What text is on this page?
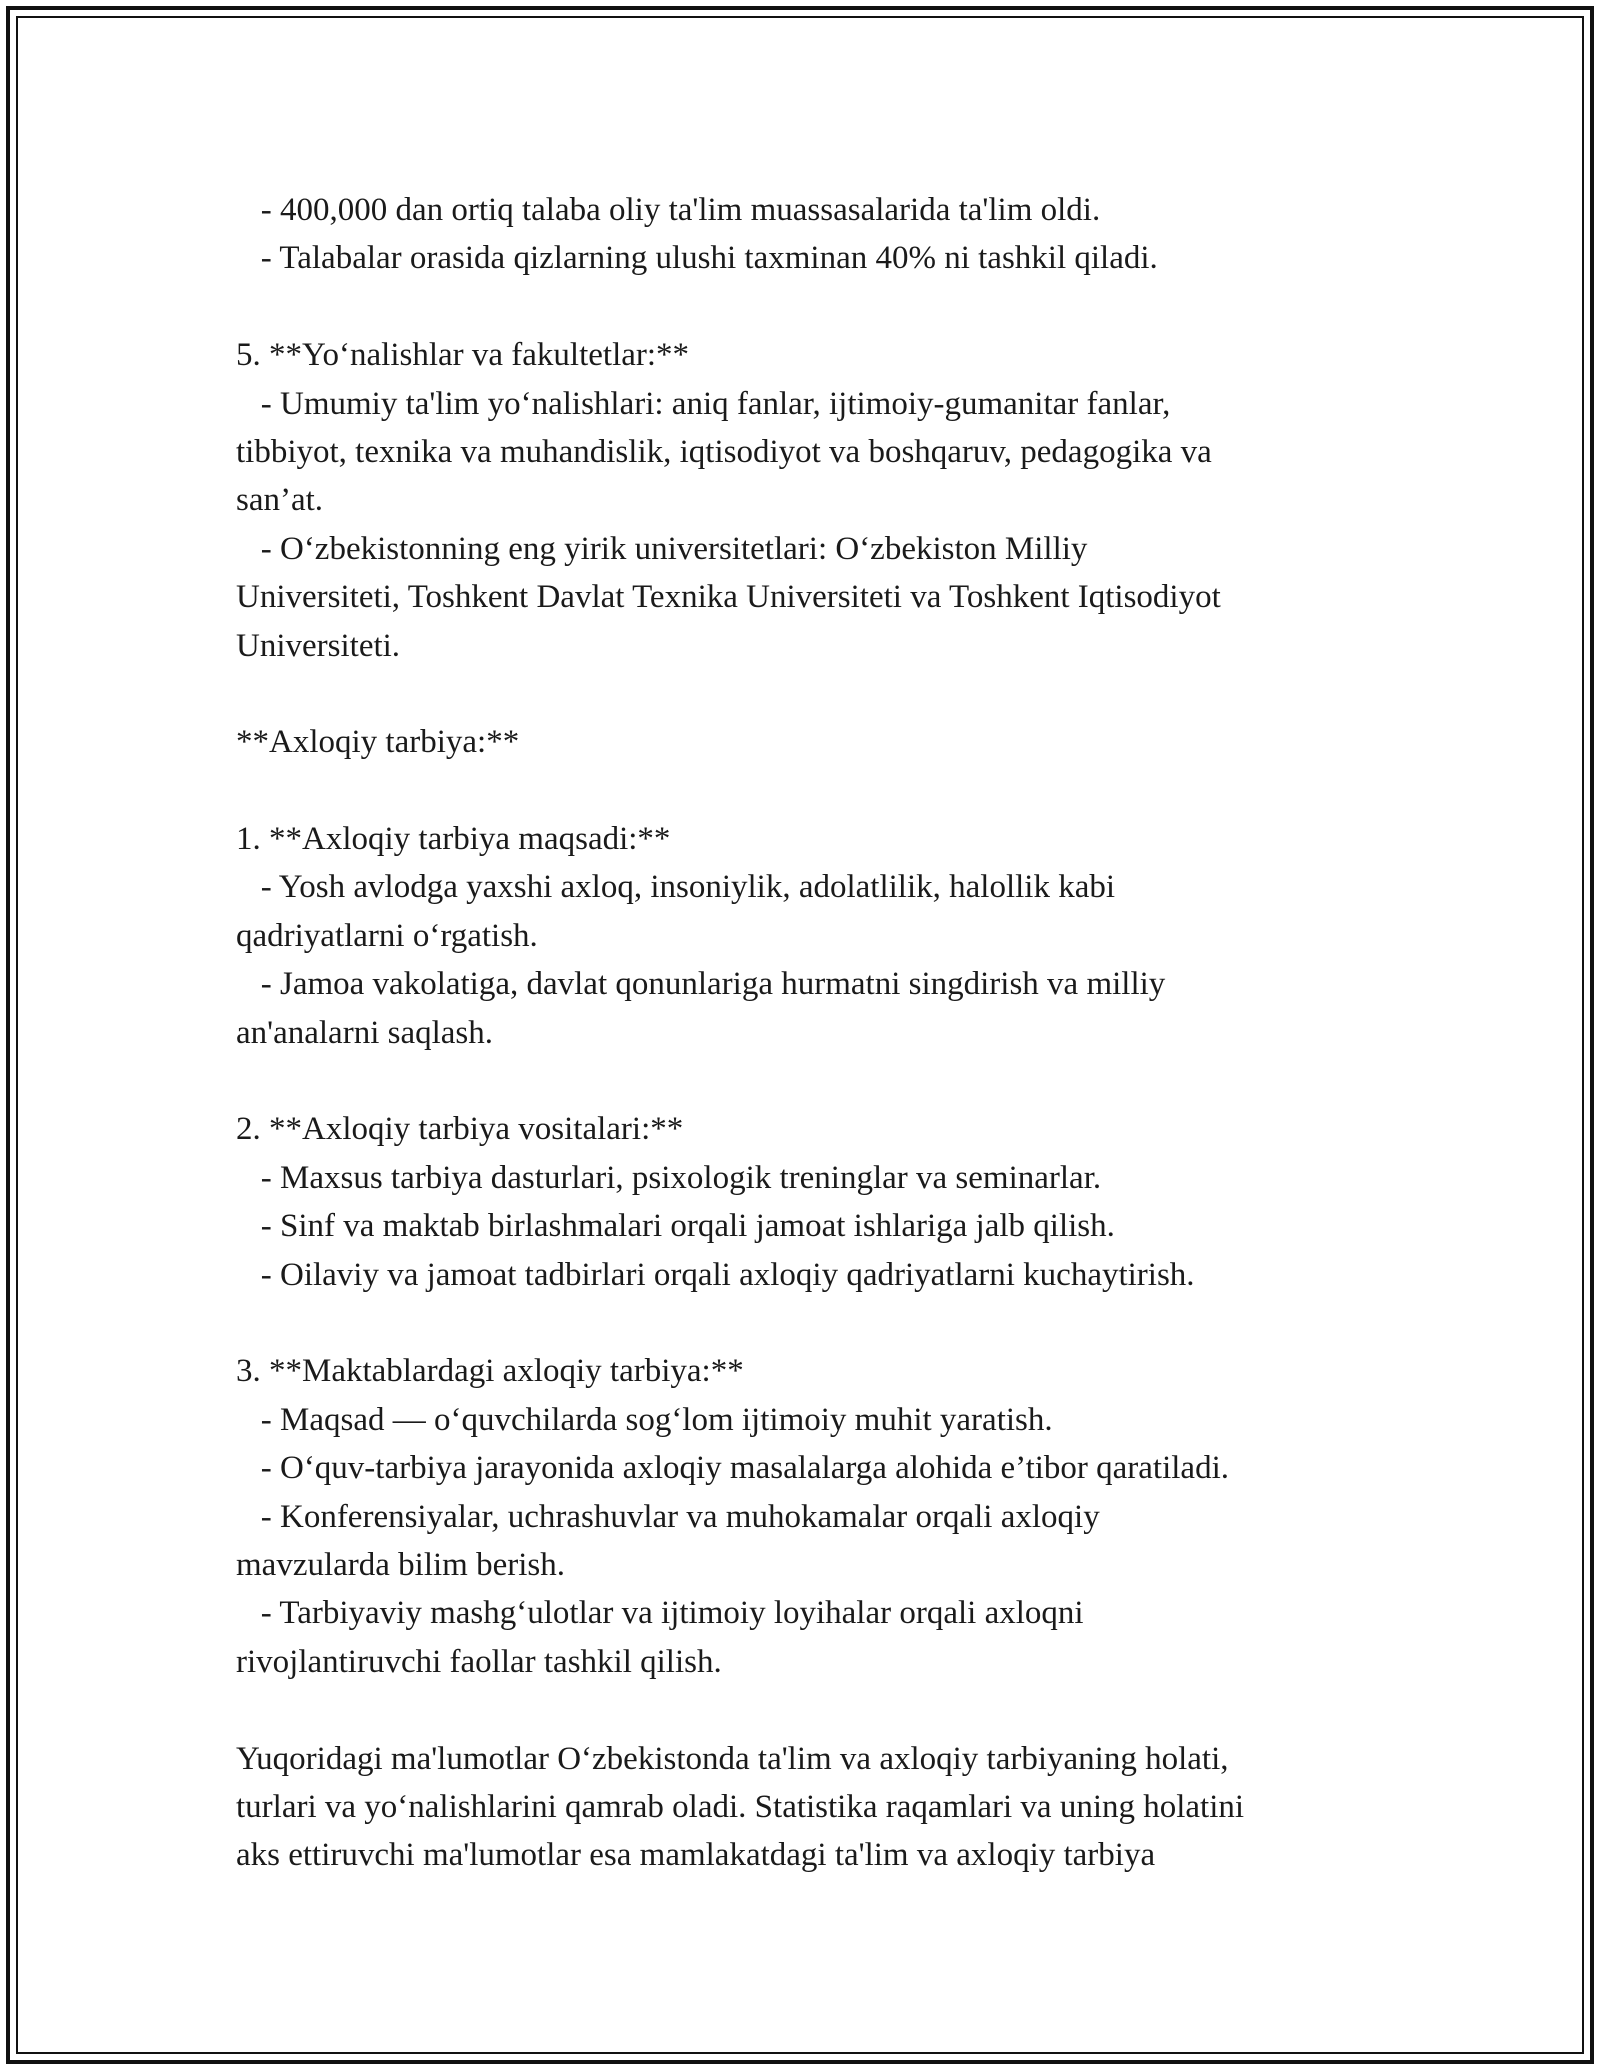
- 400,000 dan ortiq talaba oliy ta'lim muassasalarida ta'lim oldi.
- Talabalar orasida qizlarning ulushi taxminan 40% ni tashkil qiladi.
5. **Yo‘nalishlar va fakultetlar:**
- Umumiy ta'lim yo‘nalishlari: aniq fanlar, ijtimoiy-gumanitar fanlar,
tibbiyot, texnika va muhandislik, iqtisodiyot va boshqaruv, pedagogika va
san’at.
- O‘zbekistonning eng yirik universitetlari: O‘zbekiston Milliy
Universiteti, Toshkent Davlat Texnika Universiteti va Toshkent Iqtisodiyot
Universiteti.
**Axloqiy tarbiya:**
1. **Axloqiy tarbiya maqsadi:**
- Yosh avlodga yaxshi axloq, insoniylik, adolatlilik, halollik kabi
qadriyatlarni o‘rgatish.
- Jamoa vakolatiga, davlat qonunlariga hurmatni singdirish va milliy
an'analarni saqlash.
2. **Axloqiy tarbiya vositalari:**
- Maxsus tarbiya dasturlari, psixologik treninglar va seminarlar.
- Sinf va maktab birlashmalari orqali jamoat ishlariga jalb qilish.
- Oilaviy va jamoat tadbirlari orqali axloqiy qadriyatlarni kuchaytirish.
3. **Maktablardagi axloqiy tarbiya:**
- Maqsad — o‘quvchilarda sog‘lom ijtimoiy muhit yaratish.
- O‘quv-tarbiya jarayonida axloqiy masalalarga alohida e’tibor qaratiladi.
- Konferensiyalar, uchrashuvlar va muhokamalar orqali axloqiy
mavzularda bilim berish.
- Tarbiyaviy mashg‘ulotlar va ijtimoiy loyihalar orqali axloqni
rivojlantiruvchi faollar tashkil qilish.
Yuqoridagi ma'lumotlar O‘zbekistonda ta'lim va axloqiy tarbiyaning holati,
turlari va yo‘nalishlarini qamrab oladi. Statistika raqamlari va uning holatini
aks ettiruvchi ma'lumotlar esa mamlakatdagi ta'lim va axloqiy tarbiya
